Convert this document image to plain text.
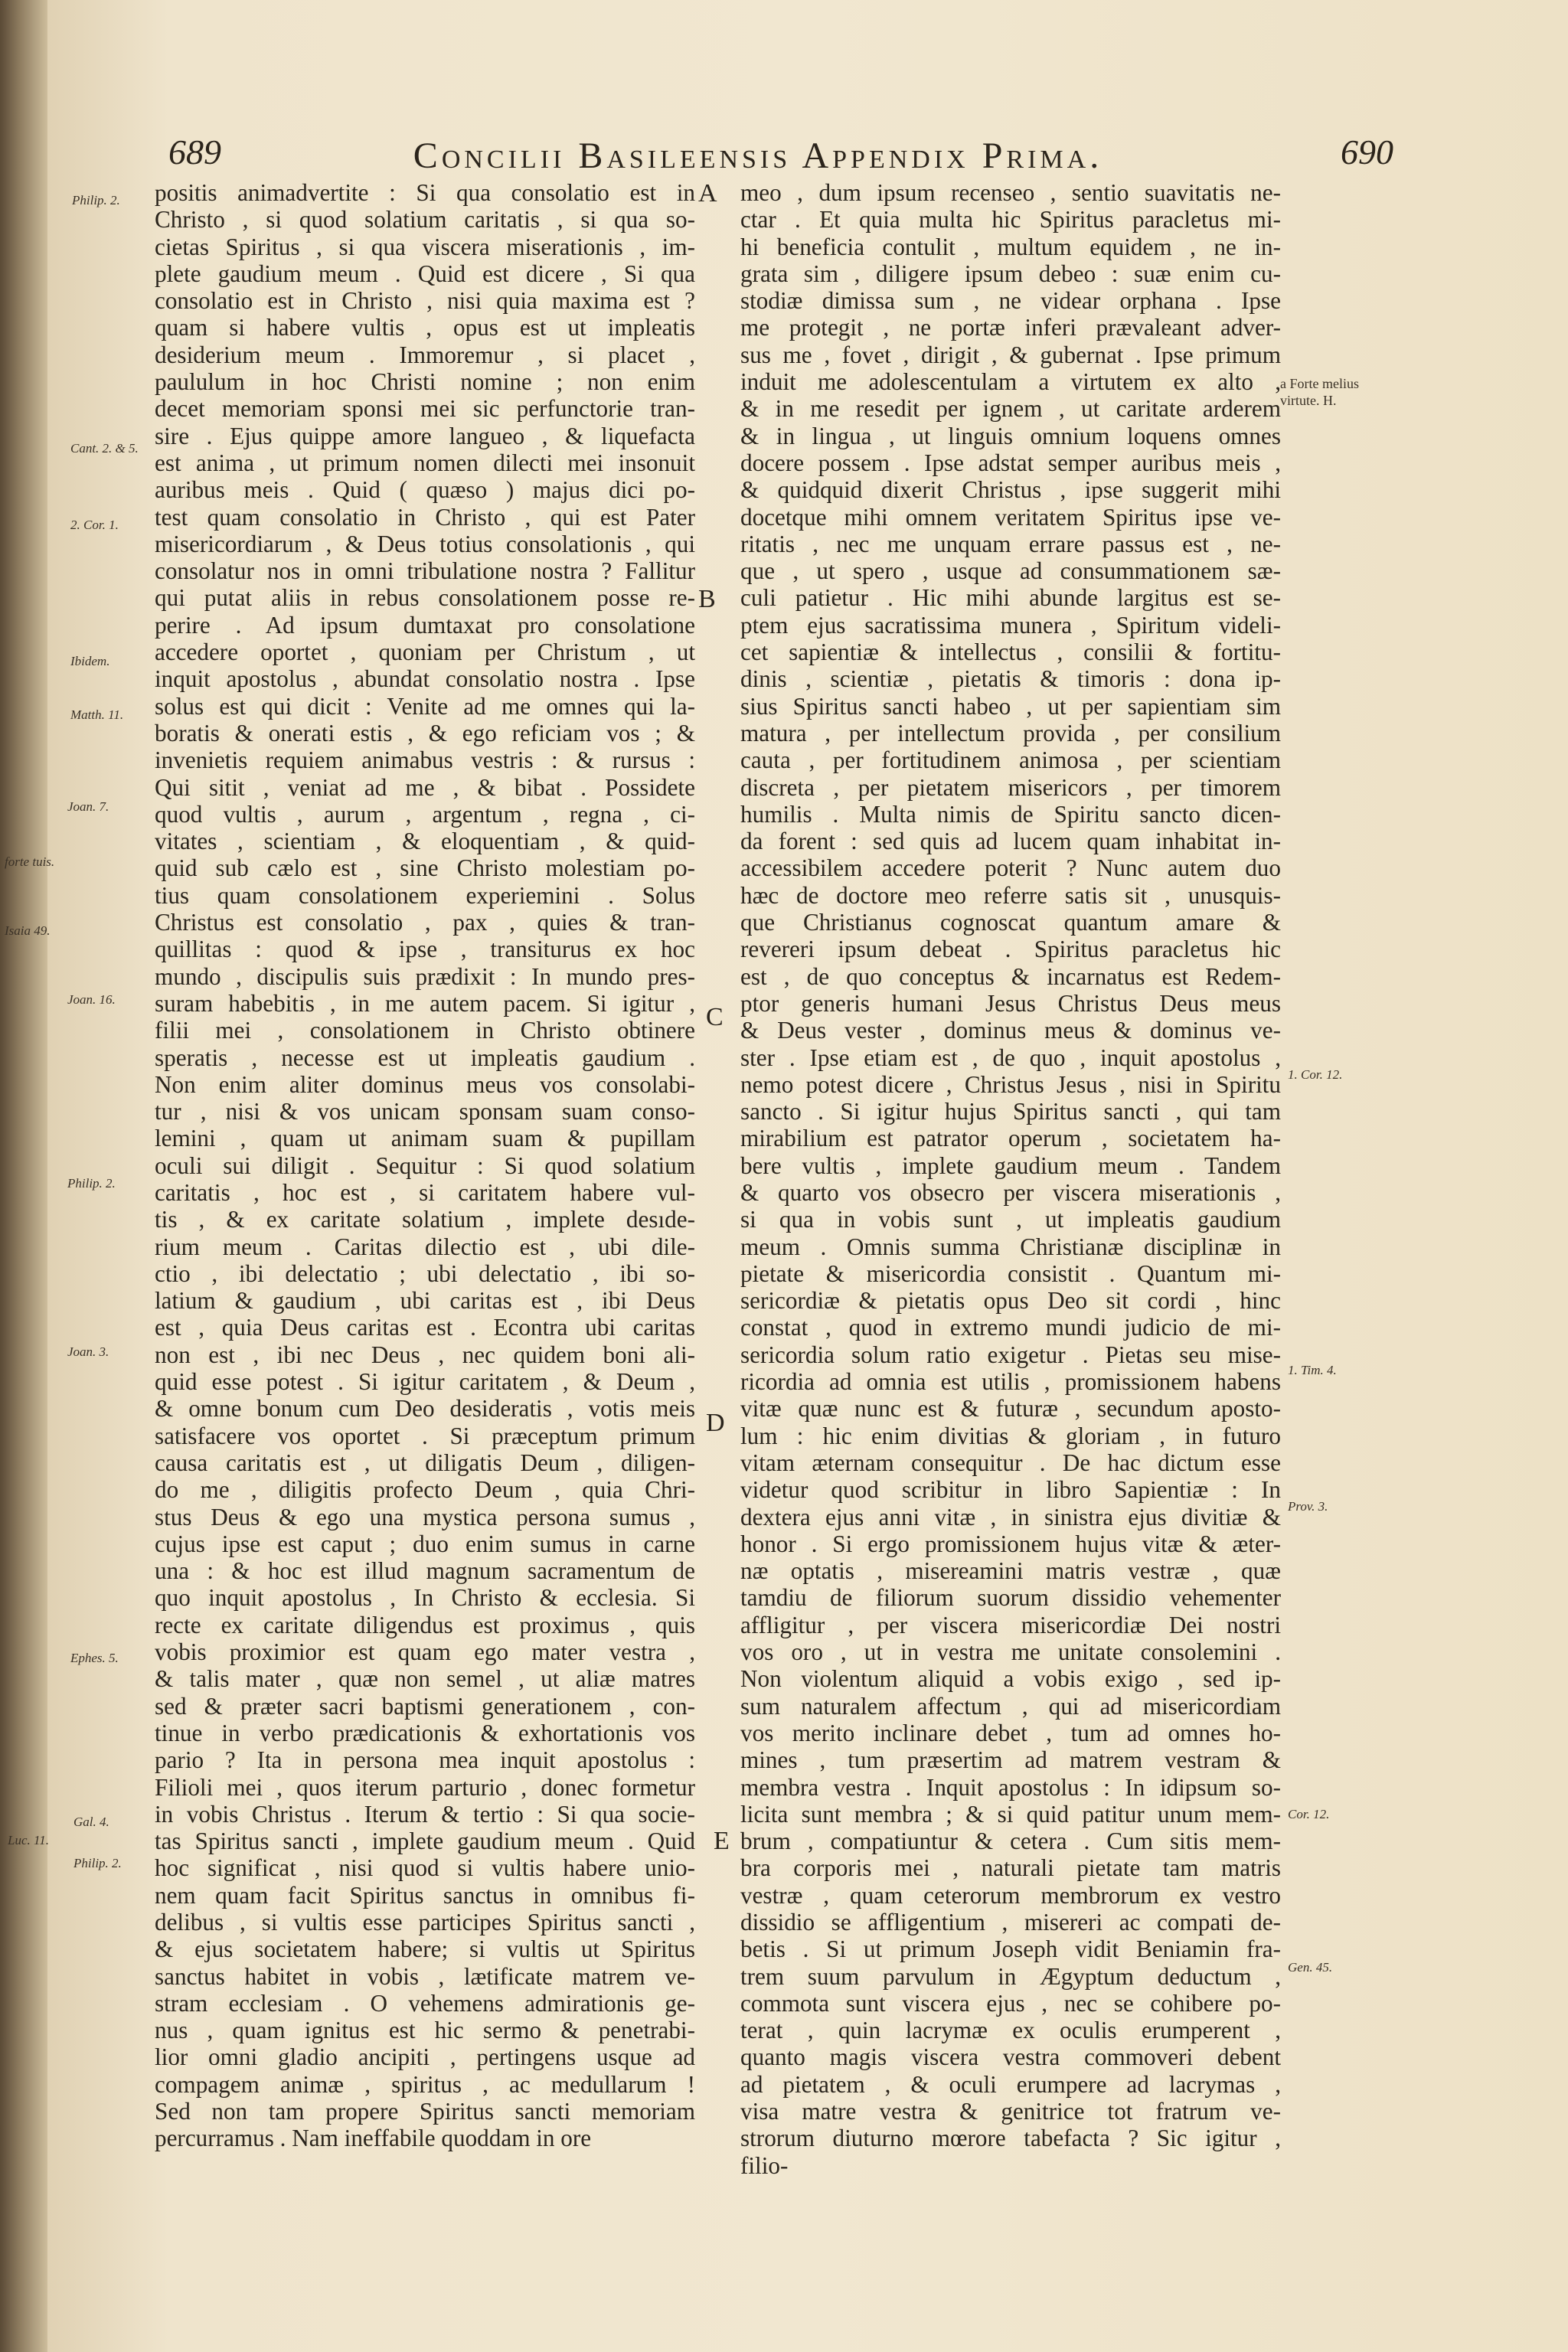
689	Concilii Basileensis Appendix Prima.	690
positis animadvertite : Si qua consolatio est in
Christo , si quod solatium caritatis , si qua so-
cietas Spiritus , si qua viscera miserationis , im-
plete gaudium meum . Quid est dicere , Si qua
consolatio est in Christo , nisi quia maxima est ?
quam si habere vultis , opus est ut impleatis
desiderium meum . Immoremur , si placet ,
paululum in hoc Christi nomine ; non enim
decet memoriam sponsi mei sic perfunctorie tran-
sire . Ejus quippe amore langueo , & liquefacta
est anima , ut primum nomen dilecti mei insonuit
auribus meis . Quid ( quæso ) majus dici po-
test quam consolatio in Christo , qui est Pater
misericordiarum , & Deus totius consolationis , qui
consolatur nos in omni tribulatione nostra ? Fallitur
qui putat aliis in rebus consolationem posse re-
perire . Ad ipsum dumtaxat pro consolatione
accedere oportet , quoniam per Christum , ut
inquit apostolus , abundat consolatio nostra . Ipse
solus est qui dicit : Venite ad me omnes qui la-
boratis & onerati estis , & ego reficiam vos ; &
invenietis requiem animabus vestris : & rursus :
Qui sitit , veniat ad me , & bibat . Possidete
quod vultis , aurum , argentum , regna , ci-
vitates , scientiam , & eloquentiam , & quid-
quid sub cælo est , sine Christo molestiam po-
tius quam consolationem experiemini . Solus
Christus est consolatio , pax , quies & tran-
quillitas : quod & ipse , transiturus ex hoc
mundo , discipulis suis prædixit : In mundo pres-
suram habebitis , in me autem pacem. Si igitur ,
filii mei , consolationem in Christo obtinere
speratis , necesse est ut impleatis gaudium .
Non enim aliter dominus meus vos consolabi-
tur , nisi & vos unicam sponsam suam conso-
lemini , quam ut animam suam & pupillam
oculi sui diligit . Sequitur : Si quod solatium
caritatis , hoc est , si caritatem habere vul-
tis , & ex caritate solatium , implete desıde-
rium meum . Caritas dilectio est , ubi dile-
ctio , ibi delectatio ; ubi delectatio , ibi so-
latium & gaudium , ubi caritas est , ibi Deus
est , quia Deus caritas est . Econtra ubi caritas
non est , ibi nec Deus , nec quidem boni ali-
quid esse potest . Si igitur caritatem , & Deum ,
& omne bonum cum Deo desideratis , votis meis
satisfacere vos oportet . Si præceptum primum
causa caritatis est , ut diligatis Deum , diligen-
do me , diligitis profecto Deum , quia Chri-
stus Deus & ego una mystica persona sumus ,
cujus ipse est caput ; duo enim sumus in carne
una : & hoc est illud magnum sacramentum de
quo inquit apostolus , In Christo & ecclesia. Si
recte ex caritate diligendus est proximus , quis
vobis proximior est quam ego mater vestra ,
& talis mater , quæ non semel , ut aliæ matres
sed & præter sacri baptismi generationem , con-
tinue in verbo prædicationis & exhortationis vos
pario ? Ita in persona mea inquit apostolus :
Filioli mei , quos iterum parturio , donec formetur
in vobis Christus . Iterum & tertio : Si qua socie-
tas Spiritus sancti , implete gaudium meum . Quid
hoc significat , nisi quod si vultis habere unio-
nem quam facit Spiritus sanctus in omnibus fi-
delibus , si vultis esse participes Spiritus sancti ,
& ejus societatem habere; si vultis ut Spiritus
sanctus habitet in vobis , lætificate matrem ve-
stram ecclesiam . O vehemens admirationis ge-
nus , quam ignitus est hic sermo & penetrabi-
lior omni gladio ancipiti , pertingens usque ad
compagem animæ , spiritus , ac medullarum !
Sed non tam propere Spiritus sancti memoriam
percurramus . Nam ineffabile quoddam in ore
meo , dum ipsum recenseo , sentio suavitatis ne-
ctar . Et quia multa hic Spiritus paracletus mi-
hi beneficia contulit , multum equidem , ne in-
grata sim , diligere ipsum debeo : suæ enim cu-
stodiæ dimissa sum , ne videar orphana . Ipse
me protegit , ne portæ inferi prævaleant adver-
sus me , fovet , dirigit , & gubernat . Ipse primum
induit me adolescentulam a virtutem ex alto ,
& in me resedit per ignem , ut caritate arderem
& in lingua , ut linguis omnium loquens omnes
docere possem . Ipse adstat semper auribus meis ,
& quidquid dixerit Christus , ipse suggerit mihi
docetque mihi omnem veritatem Spiritus ipse ve-
ritatis , nec me unquam errare passus est , ne-
que , ut spero , usque ad consummationem sæ-
culi patietur . Hic mihi abunde largitus est se-
ptem ejus sacratissima munera , Spiritum videli-
cet sapientiæ & intellectus , consilii & fortitu-
dinis , scientiæ , pietatis & timoris : dona ip-
sius Spiritus sancti habeo , ut per sapientiam sim
matura , per intellectum provida , per consilium
cauta , per fortitudinem animosa , per scientiam
discreta , per pietatem misericors , per timorem
humilis . Multa nimis de Spiritu sancto dicen-
da forent : sed quis ad lucem quam inhabitat in-
accessibilem accedere poterit ? Nunc autem duo
hæc de doctore meo referre satis sit , unusquis-
que Christianus cognoscat quantum amare &
revereri ipsum debeat . Spiritus paracletus hic
est , de quo conceptus & incarnatus est Redem-
ptor generis humani Jesus Christus Deus meus
& Deus vester , dominus meus & dominus ve-
ster . Ipse etiam est , de quo , inquit apostolus ,
nemo potest dicere , Christus Jesus , nisi in Spiritu
sancto . Si igitur hujus Spiritus sancti , qui tam
mirabilium est patrator operum , societatem ha-
bere vultis , implete gaudium meum . Tandem
& quarto vos obsecro per viscera miserationis ,
si qua in vobis sunt , ut impleatis gaudium
meum . Omnis summa Christianæ disciplinæ in
pietate & misericordia consistit . Quantum mi-
sericordiæ & pietatis opus Deo sit cordi , hinc
constat , quod in extremo mundi judicio de mi-
sericordia solum ratio exigetur . Pietas seu mise-
ricordia ad omnia est utilis , promissionem habens
vitæ quæ nunc est & futuræ , secundum aposto-
lum : hic enim divitias & gloriam , in futuro
vitam æternam consequitur . De hac dictum esse
videtur quod scribitur in libro Sapientiæ : In
dextera ejus anni vitæ , in sinistra ejus divitiæ &
honor . Si ergo promissionem hujus vitæ & æter-
næ optatis , misereamini matris vestræ , quæ
tamdiu de filiorum suorum dissidio vehementer
affligitur , per viscera misericordiæ Dei nostri
vos oro , ut in vestra me unitate consolemini .
Non violentum aliquid a vobis exigo , sed ip-
sum naturalem affectum , qui ad misericordiam
vos merito inclinare debet , tum ad omnes ho-
mines , tum præsertim ad matrem vestram &
membra vestra . Inquit apostolus : In idipsum so-
licita sunt membra ; & si quid patitur unum mem-
brum , compatiuntur & cetera . Cum sitis mem-
bra corporis mei , naturali pietate tam matris
vestræ , quam ceterorum membrorum ex vestro
dissidio se affligentium , misereri ac compati de-
betis . Si ut primum Joseph vidit Beniamin fra-
trem suum parvulum in Ægyptum deductum ,
commota sunt viscera ejus , nec se cohibere po-
terat , quin lacrymæ ex oculis erumperent ,
quanto magis viscera vestra commoveri debent
ad pietatem , & oculi erumpere ad lacrymas ,
visa matre vestra & genitrice tot fratrum ve-
strorum diuturno mœrore tabefacta ? Sic igitur ,
filio-
A
B
C
D
E
Philip. 2.
Cant. 2. & 5.
2. Cor. 1.
Ibidem.
Matth. 11.
Joan. 7.
forte tuis.
Isaia 49.
Joan. 16.
Philip. 2.
Joan. 3.
Ephes. 5.
Gal. 4.
Luc. 11.
Philip. 2.
a Forte melius
virtute. H.
1. Cor. 12.
1. Tim. 4.
Prov. 3.
Cor. 12.
Gen. 45.
